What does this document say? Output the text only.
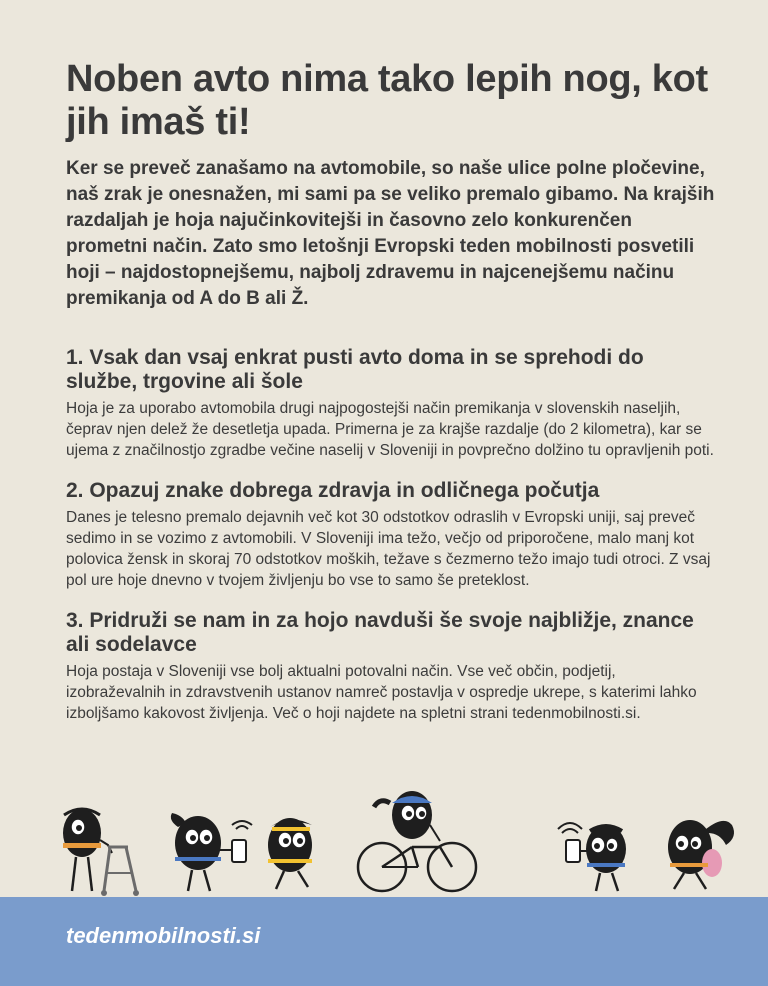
Noben avto nima tako lepih nog, kot jih imaš ti!

Ker se preveč zanašamo na avtomobile, so naše ulice polne pločevine, naš zrak je onesnažen, mi sami pa se veliko premalo gibamo. Na krajših razdaljah je hoja najučinkovitejši in časovno zelo konkurenčen prometni način. Zato smo letošnji Evropski teden mobilnosti posvetili hoji – najdostopnejšemu, najbolj zdravemu in najcenejšemu načinu premikanja od A do B ali Ž.

1. Vsak dan vsaj enkrat pusti avto doma in se sprehodi do službe, trgovine ali šole

Hoja je za uporabo avtomobila drugi najpogostejši način premikanja v slovenskih naseljih, čeprav njen delež že desetletja upada. Primerna je za krajše razdalje (do 2 kilometra), kar se ujema z značilnostjo zgradbe večine naselij v Sloveniji in povprečno dolžino tu opravljenih poti.

2. Opazuj znake dobrega zdravja in odličnega počutja

Danes je telesno premalo dejavnih več kot 30 odstotkov odraslih v Evropski uniji, saj preveč sedimo in se vozimo z avtomobili. V Sloveniji ima težo, večjo od priporočene, malo manj kot polovica žensk in skoraj 70 odstotkov moških, težave s čezmerno težo imajo tudi otroci. Z vsaj pol ure hoje dnevno v tvojem življenju bo vse to samo še preteklost.

3. Pridruži se nam in za hojo navduši še svoje najbližje, znance ali sodelavce

Hoja postaja v Sloveniji vse bolj aktualni potovalni način. Vse več občin, podjetij, izobraževalnih in zdravstvenih ustanov namreč postavlja v ospredje ukrepe, s katerimi lahko izboljšamo kakovost življenja. Več o hoji najdete na spletni strani tedenmobilnosti.si.

tedenmobilnosti.si
